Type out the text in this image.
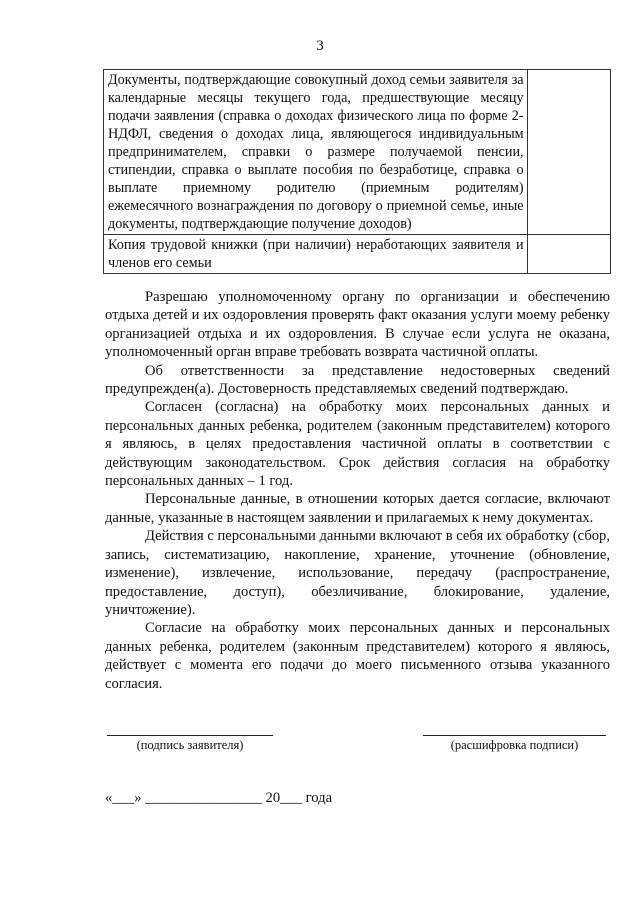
3
Документы, подтверждающие совокупный доход семьи заявителя за календарные месяцы текущего года, предшествующие месяцу подачи заявления (справка о доходах физического лица по форме 2-НДФЛ, сведения о доходах лица, являющегося индивидуальным предпринимателем, справки о размере получаемой пенсии, стипендии, справка о выплате пособия по безработице, справка о выплате приемному родителю (приемным родителям) ежемесячного вознаграждения по договору о приемной семье, иные документы, подтверждающие получение доходов)	
Копия трудовой книжки (при наличии) неработающих заявителя и членов его семьи	

Разрешаю уполномоченному органу по организации и обеспечению отдыха детей и их оздоровления проверять факт оказания услуги моему ребенку организацией отдыха и их оздоровления. В случае если услуга не оказана, уполномоченный орган вправе требовать возврата частичной оплаты.

Об ответственности за представление недостоверных сведений предупрежден(а). Достоверность представляемых сведений подтверждаю.

Согласен (согласна) на обработку моих персональных данных и персональных данных ребенка, родителем (законным представителем) которого я являюсь, в целях предоставления частичной оплаты в соответствии с действующим законодательством. Срок действия согласия на обработку персональных данных – 1 год.

Персональные данные, в отношении которых дается согласие, включают данные, указанные в настоящем заявлении и прилагаемых к нему документах.

Действия с персональными данными включают в себя их обработку (сбор, запись, систематизацию, накопление, хранение, уточнение (обновление, изменение), извлечение, использование, передачу (распространение, предоставление, доступ), обезличивание, блокирование, удаление, уничтожение).

Согласие на обработку моих персональных данных и персональных данных ребенка, родителем (законным представителем) которого я являюсь, действует с момента его подачи до моего письменного отзыва указанного согласия.

(подпись заявителя)	(расшифровка подписи)
«___» ________________ 20___ года
